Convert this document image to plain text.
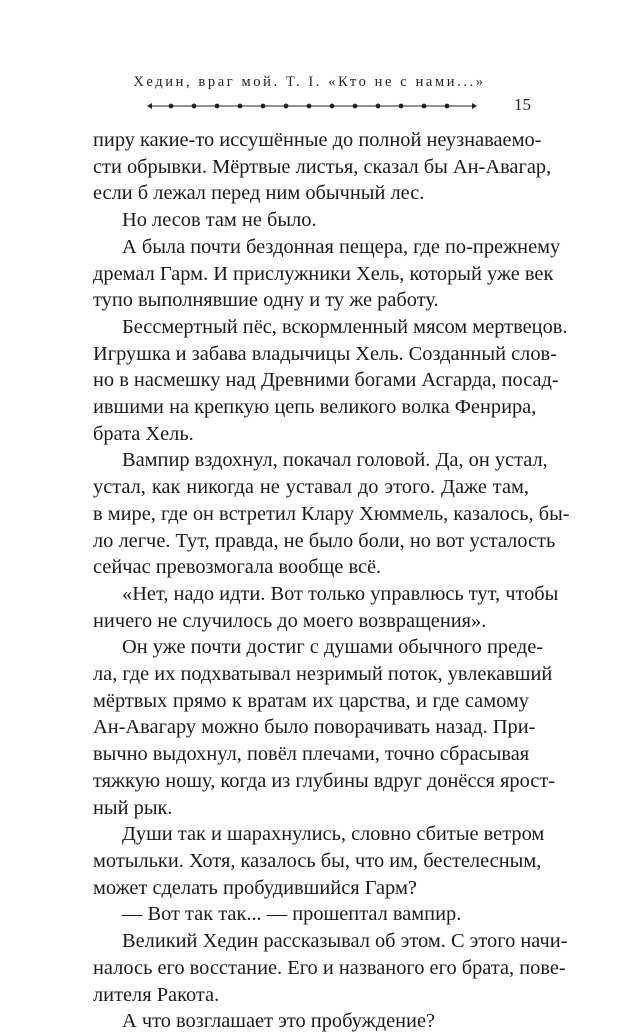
Хедин, враг мой. Т. I. «Кто не с нами...»
15
пиру какие-то иссушённые до полной неузнаваемо-
сти обрывки. Мёртвые листья, сказал бы Ан-Авагар,
если б лежал перед ним обычный лес.
Но лесов там не было.
А была почти бездонная пещера, где по-прежнему
дремал Гарм. И прислужники Хель, который уже век
тупо выполнявшие одну и ту же работу.
Бессмертный пёс, вскормленный мясом мертвецов.
Игрушка и забава владычицы Хель. Созданный слов-
но в насмешку над Древними богами Асгарда, посад-
ившими на крепкую цепь великого волка Фенрира,
брата Хель.
Вампир вздохнул, покачал головой. Да, он устал,
устал, как никогда не уставал до этого. Даже там,
в мире, где он встретил Клару Хюммель, казалось, бы-
ло легче. Тут, правда, не было боли, но вот усталость
сейчас превозмогала вообще всё.
«Нет, надо идти. Вот только управлюсь тут, чтобы
ничего не случилось до моего возвращения».
Он уже почти достиг с душами обычного преде-
ла, где их подхватывал незримый поток, увлекавший
мёртвых прямо к вратам их царства, и где самому
Ан-Авагару можно было поворачивать назад. При-
вычно выдохнул, повёл плечами, точно сбрасывая
тяжкую ношу, когда из глубины вдруг донёсся ярост-
ный рык.
Души так и шарахнулись, словно сбитые ветром
мотыльки. Хотя, казалось бы, что им, бестелесным,
может сделать пробудившийся Гарм?
— Вот так так... — прошептал вампир.
Великий Хедин рассказывал об этом. С этого начи-
налось его восстание. Его и названого его брата, пове-
лителя Ракота.
А что возглашает это пробуждение?
